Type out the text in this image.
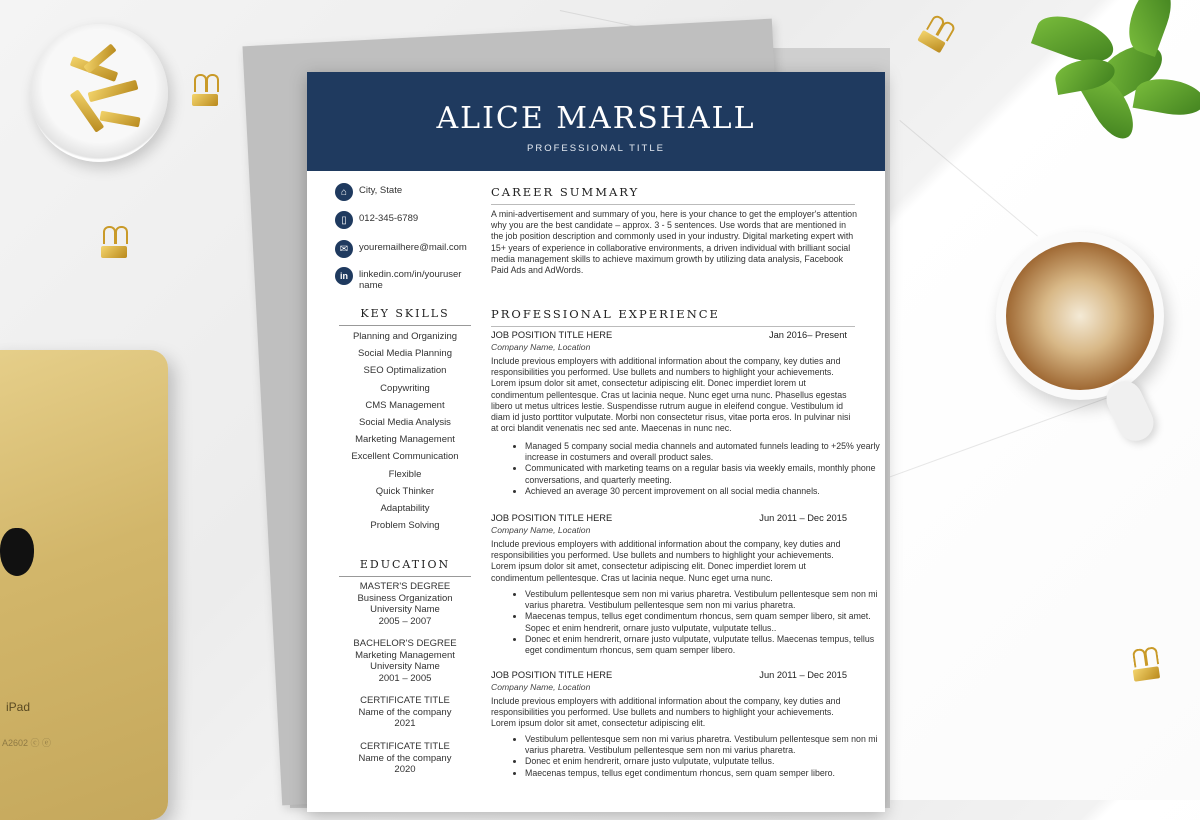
iPad
A2602 ⓒ ⓔ
ALICE MARSHALL
PROFESSIONAL TITLE
⌂	City, State
▯	012-345-6789
✉	youremailhere@mail.com
in	linkedin.com/in/youruser name
KEY SKILLS
Planning and Organizing
Social Media Planning
SEO Optimalization
Copywriting
CMS Management
Social Media Analysis
Marketing Management
Excellent Communication
Flexible
Quick Thinker
Adaptability
Problem Solving
EDUCATION
MASTER'S DEGREE
Business Organization
University Name
2005 – 2007
BACHELOR'S DEGREE
Marketing Management
University Name
2001 – 2005
CERTIFICATE TITLE
Name of the company
2021
CERTIFICATE TITLE
Name of the company
2020
CAREER SUMMARY
A mini-advertisement and summary of you, here is your chance to get the employer's attention why you are the best candidate – approx. 3 - 5 sentences. Use words that are mentioned in the job position description and commonly used in your industry. Digital marketing expert with 15+ years of experience in collaborative environments, a driven individual with brilliant social media management skills to achieve maximum growth by utilizing data analysis, Facebook Paid Ads and AdWords.
PROFESSIONAL EXPERIENCE
JOB POSITION TITLE HERE	Jan 2016– Present
Company Name, Location
Include previous employers with additional information about the company, key duties and responsibilities you performed. Use bullets and numbers to highlight your achievements. Lorem ipsum dolor sit amet, consectetur adipiscing elit. Donec imperdiet lorem ut condimentum pellentesque. Cras ut lacinia neque. Nunc eget urna nunc. Phasellus egestas libero ut metus ultrices lestie. Suspendisse rutrum augue in eleifend congue. Vestibulum id diam id justo porttitor vulputate. Morbi non consectetur risus, vitae porta eros. In pulvinar nisi at orci blandit venenatis nec sed ante. Maecenas in nunc nec.
• Managed 5 company social media channels and automated funnels leading to +25% yearly increase in costumers and overall product sales.
• Communicated with marketing teams on a regular basis via weekly emails, monthly phone conversations, and quarterly meeting.
• Achieved an average 30 percent improvement on all social media channels.
JOB POSITION TITLE HERE	Jun 2011 – Dec 2015
Company Name, Location
Include previous employers with additional information about the company, key duties and responsibilities you performed. Use bullets and numbers to highlight your achievements. Lorem ipsum dolor sit amet, consectetur adipiscing elit. Donec imperdiet lorem ut condimentum pellentesque. Cras ut lacinia neque. Nunc eget urna nunc.
• Vestibulum pellentesque sem non mi varius pharetra. Vestibulum pellentesque sem non mi varius pharetra. Vestibulum pellentesque sem non mi varius pharetra.
• Maecenas tempus, tellus eget condimentum rhoncus, sem quam semper libero, sit amet. Sopec et enim hendrerit, ornare justo vulputate, vulputate tellus..
• Donec et enim hendrerit, ornare justo vulputate, vulputate tellus. Maecenas tempus, tellus eget condimentum rhoncus, sem quam semper libero.
JOB POSITION TITLE HERE	Jun 2011 – Dec 2015
Company Name, Location
Include previous employers with additional information about the company, key duties and responsibilities you performed. Use bullets and numbers to highlight your achievements. Lorem ipsum dolor sit amet, consectetur adipiscing elit.
• Vestibulum pellentesque sem non mi varius pharetra. Vestibulum pellentesque sem non mi varius pharetra. Vestibulum pellentesque sem non mi varius pharetra.
• Donec et enim hendrerit, ornare justo vulputate, vulputate tellus.
• Maecenas tempus, tellus eget condimentum rhoncus, sem quam semper libero.
